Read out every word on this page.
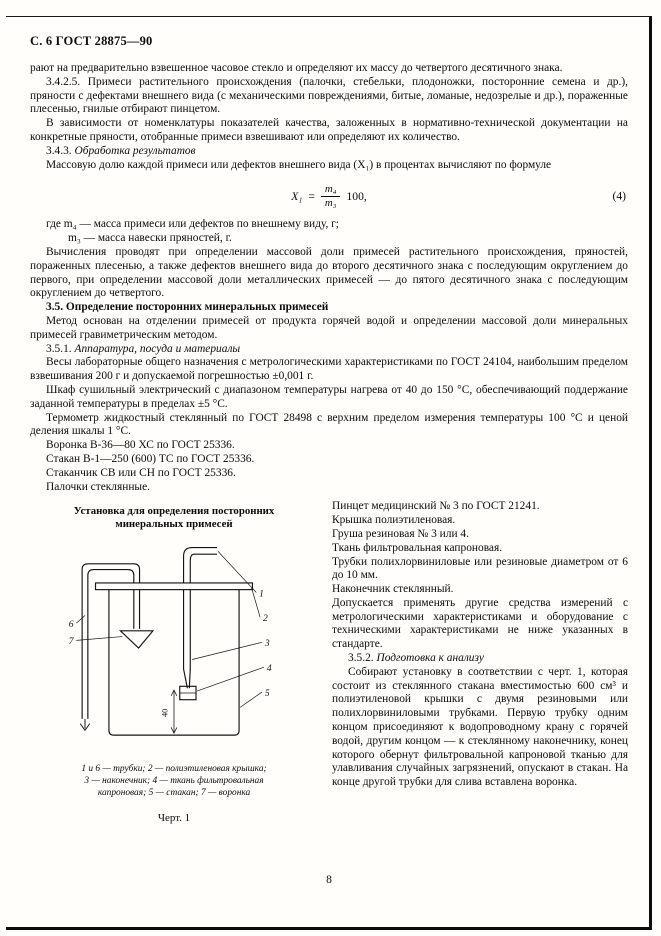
С. 6 ГОСТ 28875—90

рают на предварительно взвешенное часовое стекло и определяют их массу до четвертого десятичного знака.

3.4.2.5. Примеси растительного происхождения (палочки, стебельки, плодоножки, посторонние семена и др.), пряности с дефектами внешнего вида (с механическими повреждениями, битые, ломаные, недозрелые и др.), пораженные плесенью, гнилые отбирают пинцетом.

В зависимости от номенклатуры показателей качества, заложенных в нормативно-технической документации на конкретные пряности, отобранные примеси взвешивают или определяют их количество.

3.4.3. Обработка результатов

Массовую долю каждой примеси или дефектов внешнего вида (X₁) в процентах вычисляют по формуле

$X_1 = \frac{\text{m₄}}{\text{m₃}} 100$,	(4)

где m₄ — масса примеси или дефектов по внешнему виду, г;

m₃ — масса навески пряностей, г.

Вычисления проводят при определении массовой доли примесей растительного происхождения, пряностей, пораженных плесенью, а также дефектов внешнего вида до второго десятичного знака с последующим округлением до первого, при определении массовой доли металлических примесей — до пятого десятичного знака с последующим округлением до четвертого.

3.5. Определение посторонних минеральных примесей

Метод основан на отделении примесей от продукта горячей водой и определении массовой доли минеральных примесей гравиметрическим методом.

3.5.1. Аппаратура, посуда и материалы

Весы лабораторные общего назначения с метрологическими характеристиками по ГОСТ 24104, наибольшим пределом взвешивания 200 г и допускаемой погрешностью ±0,001 г.

Шкаф сушильный электрический с диапазоном температуры нагрева от 40 до 150 °С, обеспечивающий поддержание заданной температуры в пределах ±5 °С.

Термометр жидкостный стеклянный по ГОСТ 28498 с верхним пределом измерения температуры 100 °С и ценой деления шкалы 1 °С.

Воронка В-36—80 ХС по ГОСТ 25336.

Стакан В-1—250 (600) ТС по ГОСТ 25336.

Стаканчик СВ или СН по ГОСТ 25336.

Палочки стеклянные.

Установка для определения посторонних
минеральных примесей
1
2
3
4
5
6
7
40
1 и 6 — трубки; 2 — полиэтиленовая крышка;
3 — наконечник; 4 — ткань фильтровальная
капроновая; 5 — стакан; 7 — воронка
Черт. 1

Пинцет медицинский № 3 по ГОСТ 21241.

Крышка полиэтиленовая.

Груша резиновая № 3 или 4.

Ткань фильтровальная капроновая.

Трубки полихлорвиниловые или резиновые диаметром от 6 до 10 мм.

Наконечник стеклянный.

Допускается применять другие средства измерений с метрологическими характеристиками и оборудование с техническими характеристиками не ниже указанных в стандарте.

3.5.2. Подготовка к анализу

Собирают установку в соответствии с черт. 1, которая состоит из стеклянного стакана вместимостью 600 см³ и полиэтиленовой крышки с двумя резиновыми или полихлорвиниловыми трубками. Первую трубку одним концом присоединяют к водопроводному крану с горячей водой, другим концом — к стеклянному наконечнику, конец которого обернут фильтровальной капроновой тканью для улавливания случайных загрязнений, опускают в стакан. На конце другой трубки для слива вставлена воронка.

8
